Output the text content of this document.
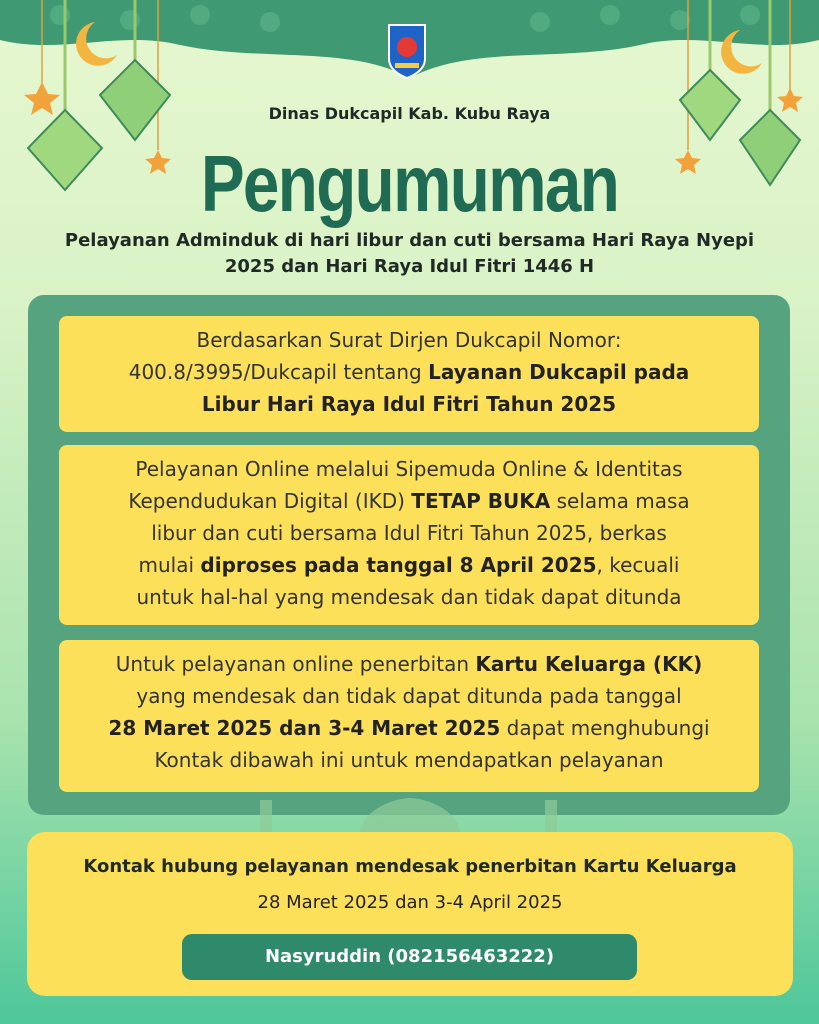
Dinas Dukcapil Kab. Kubu Raya
Pengumuman
Pelayanan Adminduk di hari libur dan cuti bersama Hari Raya Nyepi
2025 dan Hari Raya Idul Fitri 1446 H
Berdasarkan Surat Dirjen Dukcapil Nomor:
400.8/3995/Dukcapil tentang Layanan Dukcapil pada
Libur Hari Raya Idul Fitri Tahun 2025
Pelayanan Online melalui Sipemuda Online & Identitas
Kependudukan Digital (IKD) TETAP BUKA selama masa
libur dan cuti bersama Idul Fitri Tahun 2025, berkas
mulai diproses pada tanggal 8 April 2025, kecuali
untuk hal-hal yang mendesak dan tidak dapat ditunda
Untuk pelayanan online penerbitan Kartu Keluarga (KK)
yang mendesak dan tidak dapat ditunda pada tanggal
28 Maret 2025 dan 3-4 Maret 2025 dapat menghubungi
Kontak dibawah ini untuk mendapatkan pelayanan
Kontak hubung pelayanan mendesak penerbitan Kartu Keluarga
28 Maret 2025 dan 3-4 April 2025
Nasyruddin (082156463222)
